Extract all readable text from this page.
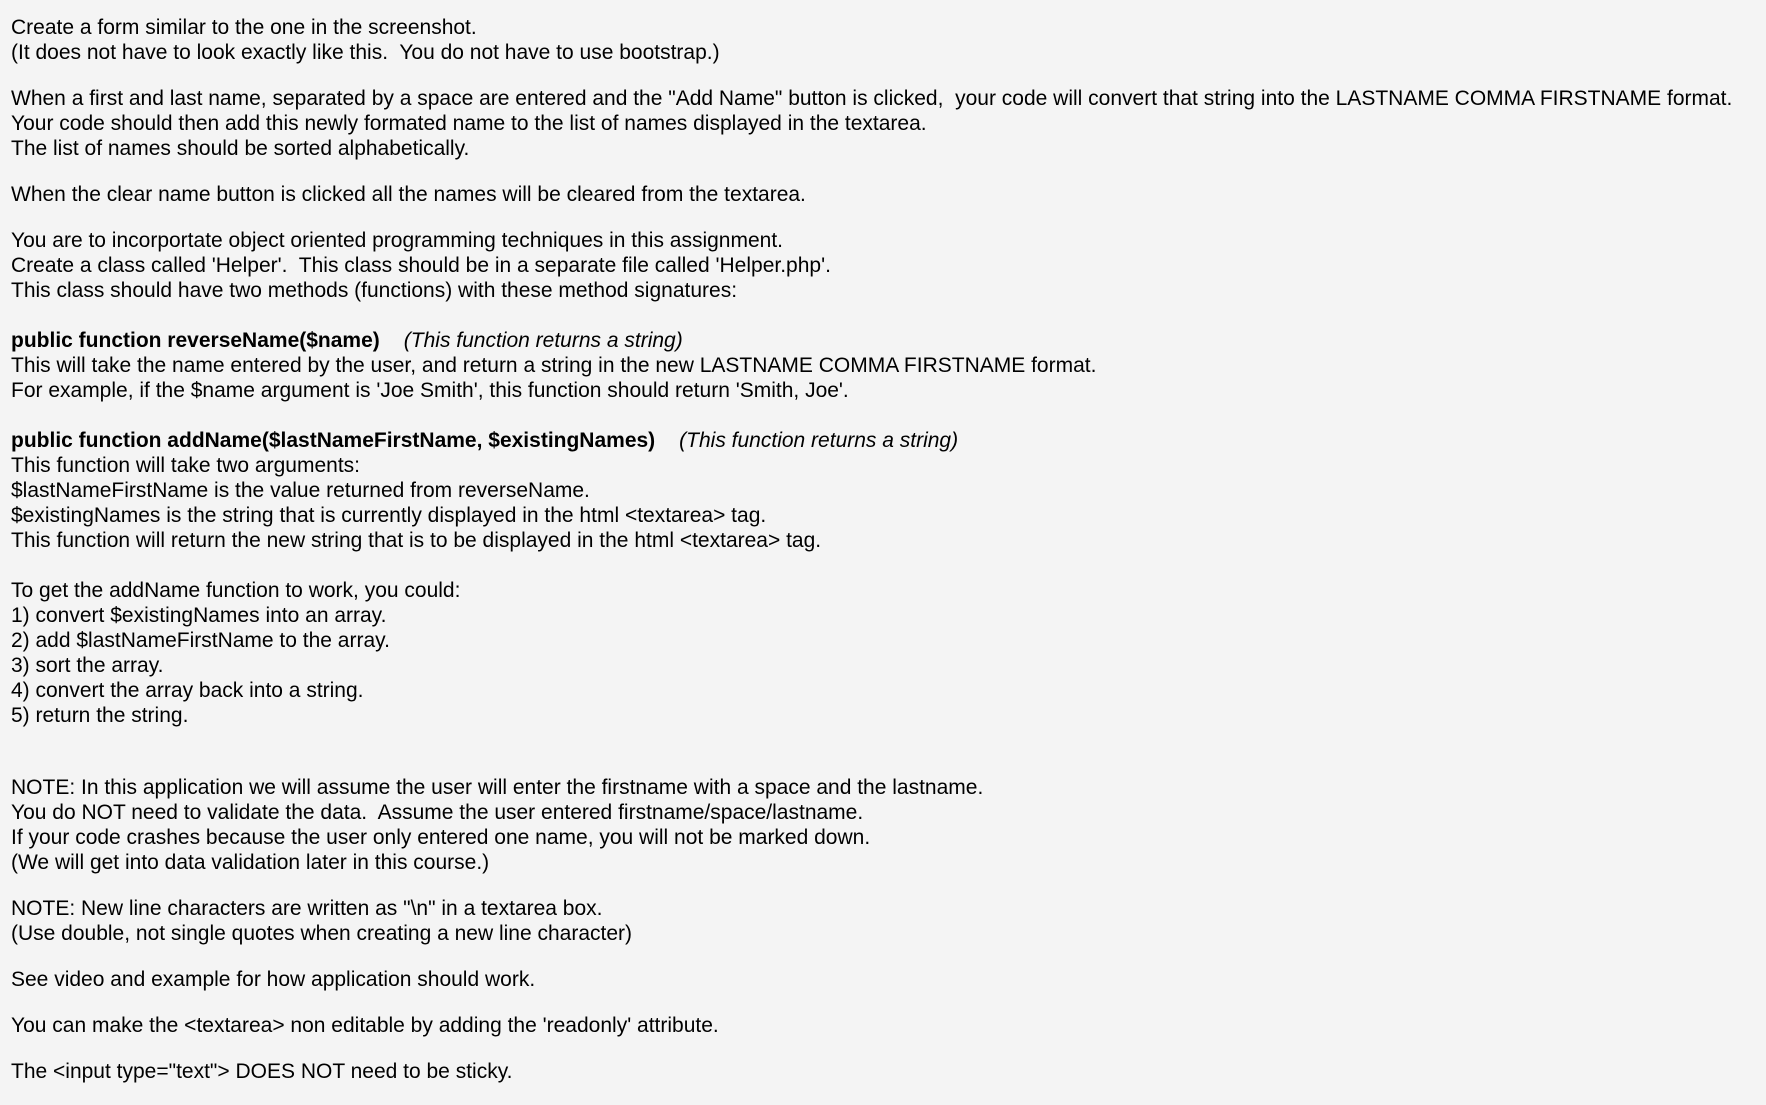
Create a form similar to the one in the screenshot.
(It does not have to look exactly like this.  You do not have to use bootstrap.)
When a first and last name, separated by a space are entered and the "Add Name" button is clicked,  your code will convert that string into the LASTNAME COMMA FIRSTNAME format.
Your code should then add this newly formated name to the list of names displayed in the textarea.
The list of names should be sorted alphabetically.
When the clear name button is clicked all the names will be cleared from the textarea.
You are to incorportate object oriented programming techniques in this assignment.
Create a class called 'Helper'.  This class should be in a separate file called 'Helper.php'.
This class should have two methods (functions) with these method signatures:
public function reverseName($name) (This function returns a string)
This will take the name entered by the user, and return a string in the new LASTNAME COMMA FIRSTNAME format.
For example, if the $name argument is 'Joe Smith', this function should return 'Smith, Joe'.
public function addName($lastNameFirstName, $existingNames) (This function returns a string)
This function will take two arguments:
$lastNameFirstName is the value returned from reverseName.
$existingNames is the string that is currently displayed in the html <textarea> tag.
This function will return the new string that is to be displayed in the html <textarea> tag.
To get the addName function to work, you could:
1) convert $existingNames into an array.
2) add $lastNameFirstName to the array.
3) sort the array.
4) convert the array back into a string.
5) return the string.
NOTE: In this application we will assume the user will enter the firstname with a space and the lastname.
You do NOT need to validate the data.  Assume the user entered firstname/space/lastname.
If your code crashes because the user only entered one name, you will not be marked down.
(We will get into data validation later in this course.)
NOTE: New line characters are written as "\n" in a textarea box.
(Use double, not single quotes when creating a new line character)
See video and example for how application should work.
You can make the <textarea> non editable by adding the 'readonly' attribute.
The <input type="text"> DOES NOT need to be sticky.
